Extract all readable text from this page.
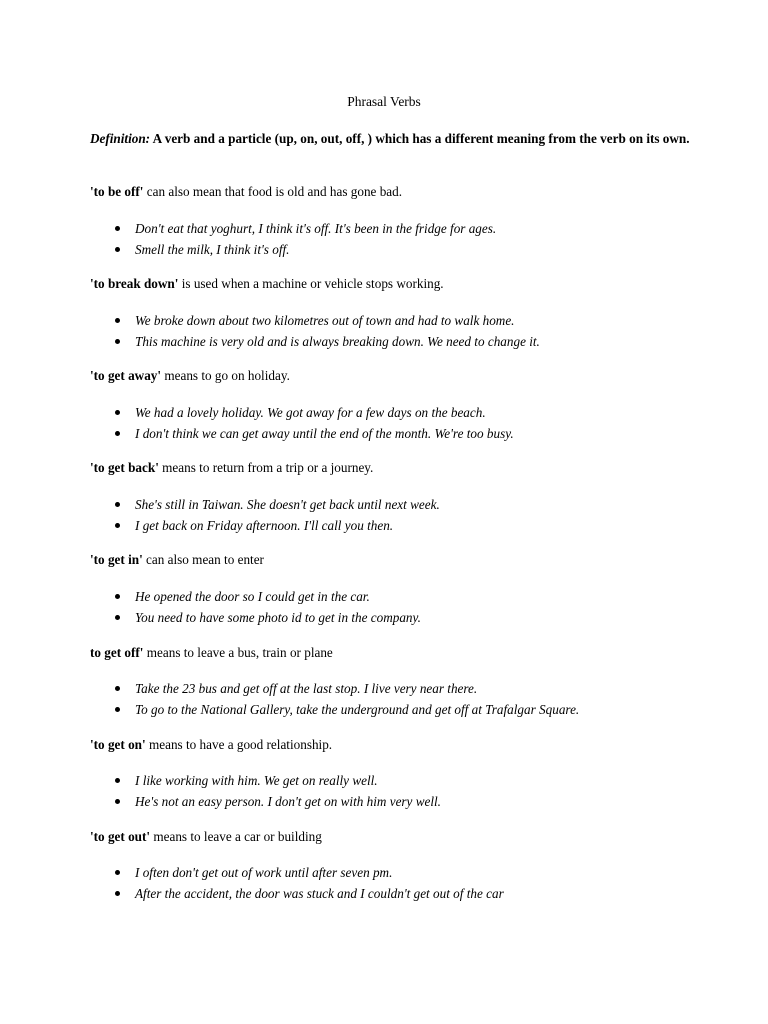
Phrasal Verbs

Definition: A verb and a particle (up, on, out, off, ) which has a different meaning from the verb on its own.

'to be off' can also mean that food is old and has gone bad.

Don't eat that yoghurt, I think it's off. It's been in the fridge for ages.
Smell the milk, I think it's off.

'to break down' is used when a machine or vehicle stops working.

We broke down about two kilometres out of town and had to walk home.
This machine is very old and is always breaking down. We need to change it.

'to get away' means to go on holiday.

We had a lovely holiday. We got away for a few days on the beach.
I don't think we can get away until the end of the month. We're too busy.

'to get back' means to return from a trip or a journey.

She's still in Taiwan. She doesn't get back until next week.
I get back on Friday afternoon. I'll call you then.

'to get in' can also mean to enter

He opened the door so I could get in the car.
You need to have some photo id to get in the company.

to get off' means to leave a bus, train or plane

Take the 23 bus and get off at the last stop. I live very near there.
To go to the National Gallery, take the underground and get off at Trafalgar Square.

'to get on' means to have a good relationship.

I like working with him. We get on really well.
He's not an easy person. I don't get on with him very well.

'to get out' means to leave a car or building

I often don't get out of work until after seven pm.
After the accident, the door was stuck and I couldn't get out of the car
